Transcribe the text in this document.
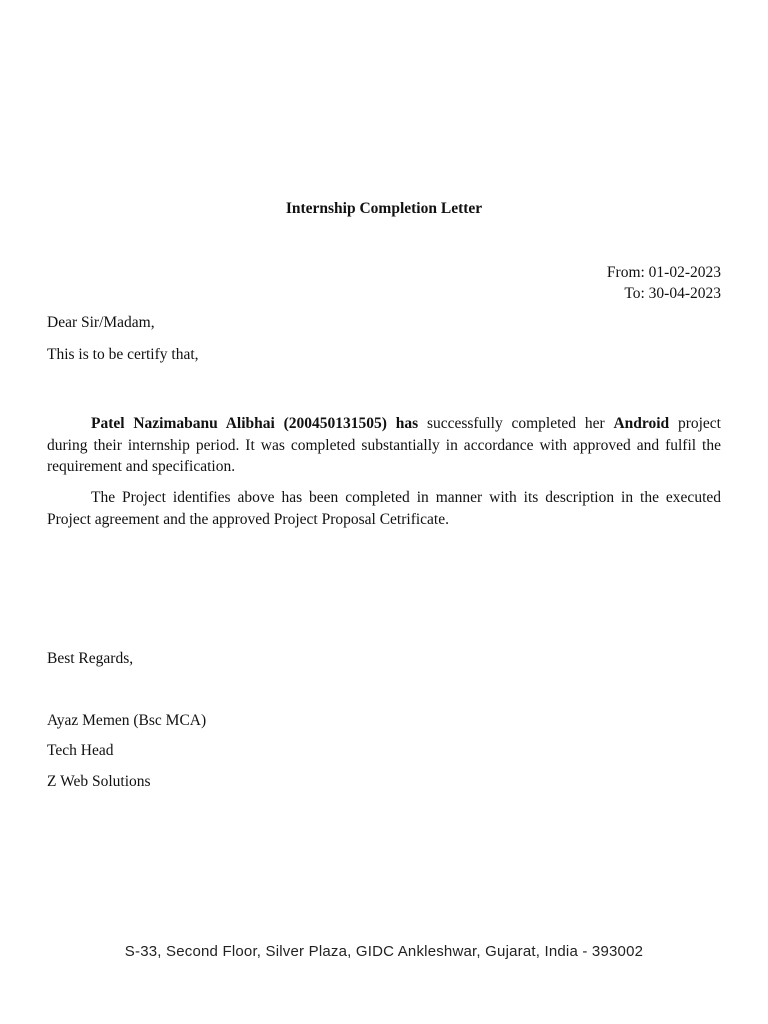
Internship Completion Letter
From: 01-02-2023
To: 30-04-2023
Dear Sir/Madam,
This is to be certify that,

Patel Nazimabanu Alibhai (200450131505) has successfully completed her Android project during their internship period. It was completed substantially in accordance with approved and fulfil the requirement and specification.

The Project identifies above has been completed in manner with its description in the executed Project agreement and the approved Project Proposal Cetrificate.

Best Regards,
Ayaz Memen (Bsc MCA)
Tech Head
Z Web Solutions
S-33, Second Floor, Silver Plaza, GIDC Ankleshwar, Gujarat, India - 393002
